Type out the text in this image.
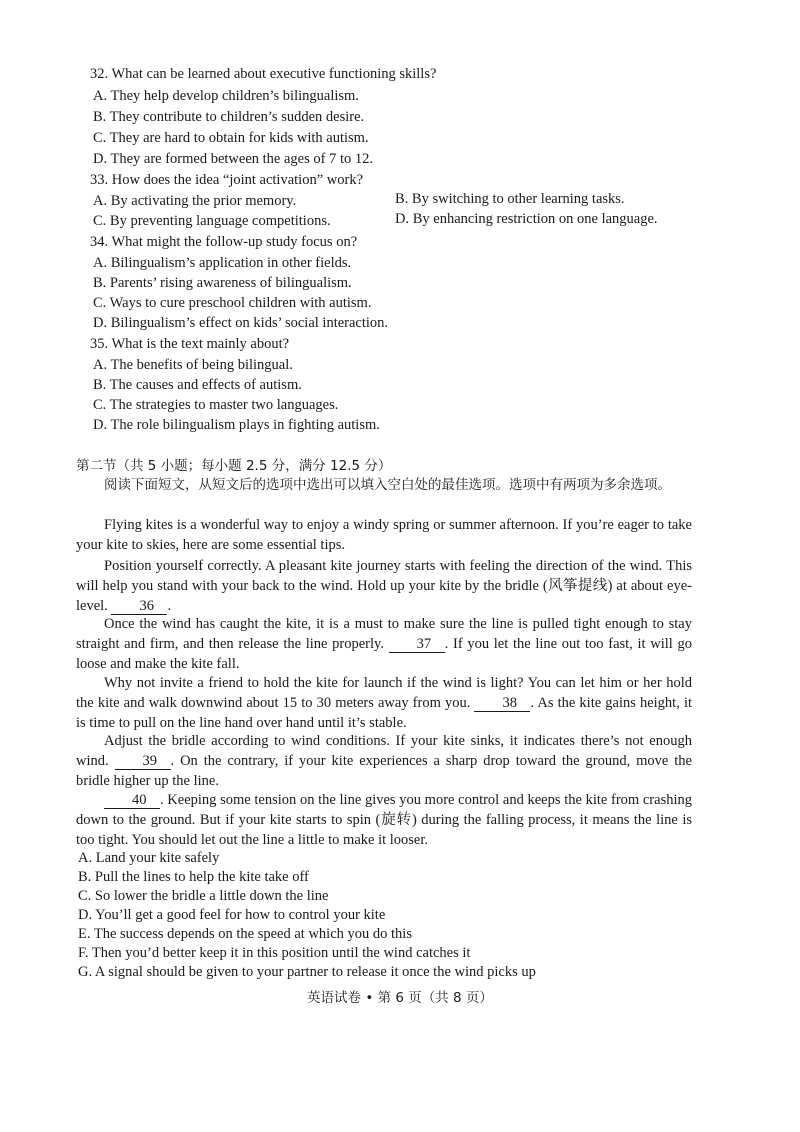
32. What can be learned about executive functioning skills?
A. They help develop children’s bilingualism.
B. They contribute to children’s sudden desire.
C. They are hard to obtain for kids with autism.
D. They are formed between the ages of 7 to 12.
33. How does the idea “joint activation” work?
A. By activating the prior memory.	B. By switching to other learning tasks.
C. By preventing language competitions.	D. By enhancing restriction on one language.
34. What might the follow-up study focus on?
A. Bilingualism’s application in other fields.
B. Parents’ rising awareness of bilingualism.
C. Ways to cure preschool children with autism.
D. Bilingualism’s effect on kids’ social interaction.
35. What is the text mainly about?
A. The benefits of being bilingual.
B. The causes and effects of autism.
C. The strategies to master two languages.
D. The role bilingualism plays in fighting autism.
第二节（共 5 小题；每小题 2.5 分，满分 12.5 分）
阅读下面短文，从短文后的选项中选出可以填入空白处的最佳选项。选项中有两项为多余选项。
Flying kites is a wonderful way to enjoy a windy spring or summer afternoon. If you’re eager to take your kite to skies, here are some essential tips.
Position yourself correctly. A pleasant kite journey starts with feeling the direction of the wind. This will help you stand with your back to the wind. Hold up your kite by the bridle (风筝提线) at about eye-level. 36 .
Once the wind has caught the kite, it is a must to make sure the line is pulled tight enough to stay straight and firm, and then release the line properly. 37 . If you let the line out too fast, it will go loose and make the kite fall.
Why not invite a friend to hold the kite for launch if the wind is light? You can let him or her hold the kite and walk downwind about 15 to 30 meters away from you. 38 . As the kite gains height, it is time to pull on the line hand over hand until it’s stable.
Adjust the bridle according to wind conditions. If your kite sinks, it indicates there’s not enough wind. 39 . On the contrary, if your kite experiences a sharp drop toward the ground, move the bridle higher up the line.
40 . Keeping some tension on the line gives you more control and keeps the kite from crashing down to the ground. But if your kite starts to spin (旋转) during the falling process, it means the line is too tight. You should let out the line a little to make it looser.
A. Land your kite safely
B. Pull the lines to help the kite take off
C. So lower the bridle a little down the line
D. You’ll get a good feel for how to control your kite
E. The success depends on the speed at which you do this
F. Then you’d better keep it in this position until the wind catches it
G. A signal should be given to your partner to release it once the wind picks up
英语试卷 • 第 6 页（共 8 页）
